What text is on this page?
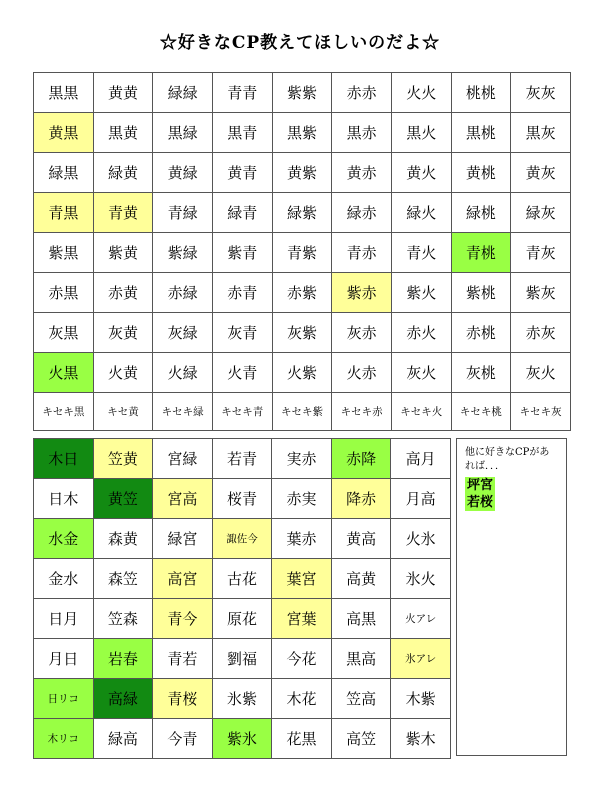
☆好きなCP教えてほしいのだよ☆
黒黒	黄黄	緑緑	青青	紫紫	赤赤	火火	桃桃	灰灰
黄黒	黒黄	黒緑	黒青	黒紫	黒赤	黒火	黒桃	黒灰
緑黒	緑黄	黄緑	黄青	黄紫	黄赤	黄火	黄桃	黄灰
青黒	青黄	青緑	緑青	緑紫	緑赤	緑火	緑桃	緑灰
紫黒	紫黄	紫緑	紫青	青紫	青赤	青火	青桃	青灰
赤黒	赤黄	赤緑	赤青	赤紫	紫赤	紫火	紫桃	紫灰
灰黒	灰黄	灰緑	灰青	灰紫	灰赤	赤火	赤桃	赤灰
火黒	火黄	火緑	火青	火紫	火赤	灰火	灰桃	灰火
キセキ黒	キセ黄	キセキ緑	キセキ青	キセキ紫	キセキ赤	キセキ火	キセキ桃	キセキ灰
木日	笠黄	宮緑	若青	実赤	赤降	高月
日木	黄笠	宮高	桜青	赤実	降赤	月高
水金	森黄	緑宮	諏佐今	葉赤	黄高	火氷
金水	森笠	高宮	古花	葉宮	高黄	氷火
日月	笠森	青今	原花	宮葉	高黒	火アレ
月日	岩春	青若	劉福	今花	黒高	氷アレ
日リコ	高緑	青桜	氷紫	木花	笠高	木紫
木リコ	緑高	今青	紫氷	花黒	高笠	紫木
他に好きなCPがあれば．．．
坪宮
若桜
